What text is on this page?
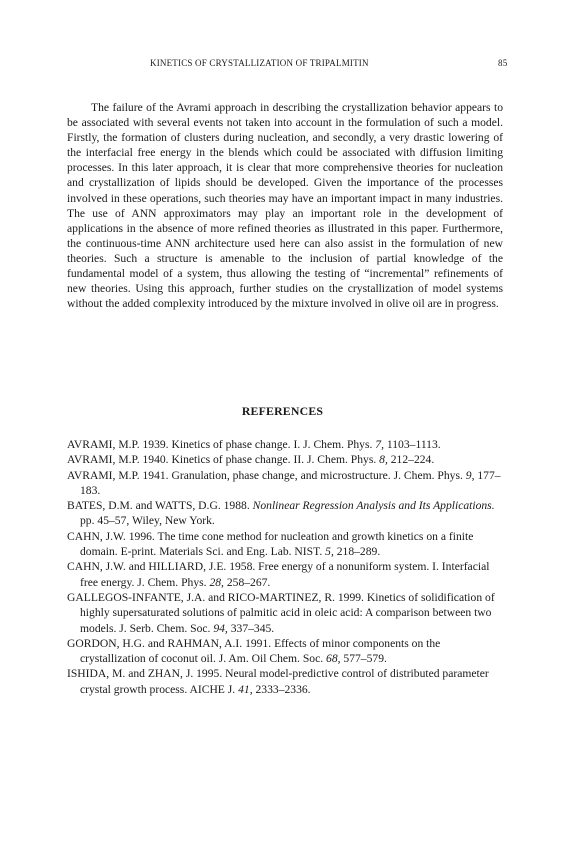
KINETICS OF CRYSTALLIZATION OF TRIPALMITIN	85

The failure of the Avrami approach in describing the crystallization behavior appears to be associated with several events not taken into account in the formulation of such a model. Firstly, the formation of clusters during nucleation, and secondly, a very drastic lowering of the interfacial free energy in the blends which could be associated with diffusion limiting processes. In this later approach, it is clear that more comprehensive theories for nucleation and crystallization of lipids should be developed. Given the importance of the processes involved in these operations, such theories may have an important impact in many industries. The use of ANN approximators may play an important role in the development of applications in the absence of more refined theories as illustrated in this paper. Furthermore, the continuous-time ANN architecture used here can also assist in the formulation of new theories. Such a structure is amenable to the inclusion of partial knowledge of the fundamental model of a system, thus allowing the testing of “incremental” refinements of new theories. Using this approach, further studies on the crystallization of model systems without the added complexity introduced by the mixture involved in olive oil are in progress.

REFERENCES
AVRAMI, M.P. 1939. Kinetics of phase change. I. J. Chem. Phys. 7, 1103–1113.
AVRAMI, M.P. 1940. Kinetics of phase change. II. J. Chem. Phys. 8, 212–224.
AVRAMI, M.P. 1941. Granulation, phase change, and microstructure. J. Chem. Phys. 9, 177–183.
BATES, D.M. and WATTS, D.G. 1988. Nonlinear Regression Analysis and Its Applications. pp. 45–57, Wiley, New York.
CAHN, J.W. 1996. The time cone method for nucleation and growth kinetics on a finite domain. E-print. Materials Sci. and Eng. Lab. NIST. 5, 218–289.
CAHN, J.W. and HILLIARD, J.E. 1958. Free energy of a nonuniform system. I. Interfacial free energy. J. Chem. Phys. 28, 258–267.
GALLEGOS-INFANTE, J.A. and RICO-MARTINEZ, R. 1999. Kinetics of solidification of highly supersaturated solutions of palmitic acid in oleic acid: A comparison between two models. J. Serb. Chem. Soc. 94, 337–345.
GORDON, H.G. and RAHMAN, A.I. 1991. Effects of minor components on the crystallization of coconut oil. J. Am. Oil Chem. Soc. 68, 577–579.
ISHIDA, M. and ZHAN, J. 1995. Neural model-predictive control of distributed parameter crystal growth process. AICHE J. 41, 2333–2336.
